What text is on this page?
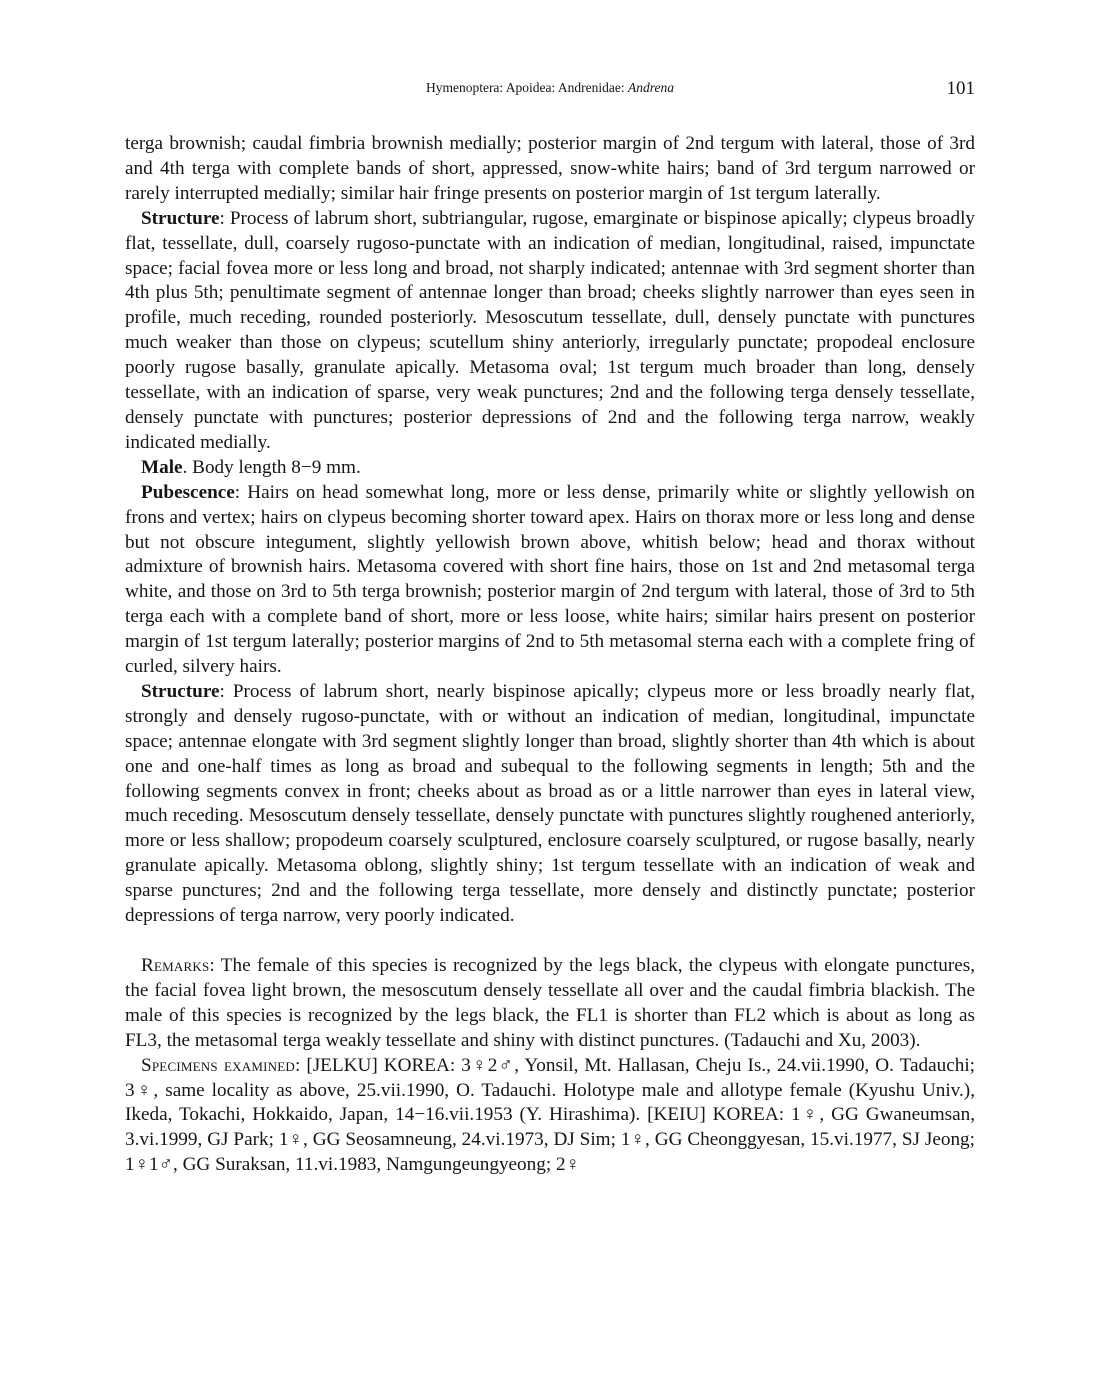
Hymenoptera: Apoidea: Andrenidae: Andrena	101

terga brownish; caudal fimbria brownish medially; posterior margin of 2nd tergum with lateral, those of 3rd and 4th terga with complete bands of short, appressed, snow-white hairs; band of 3rd tergum narrowed or rarely interrupted medially; similar hair fringe presents on posterior margin of 1st tergum laterally.

Structure: Process of labrum short, subtriangular, rugose, emarginate or bispinose apically; clypeus broadly flat, tessellate, dull, coarsely rugoso-punctate with an indication of median, longitudinal, raised, impunctate space; facial fovea more or less long and broad, not sharply indicated; antennae with 3rd segment shorter than 4th plus 5th; penultimate segment of antennae longer than broad; cheeks slightly narrower than eyes seen in profile, much receding, rounded posteriorly. Mesoscutum tessellate, dull, densely punctate with punctures much weaker than those on clypeus; scutellum shiny anteriorly, irregularly punctate; propodeal enclosure poorly rugose basally, granulate apically. Metasoma oval; 1st tergum much broader than long, densely tessellate, with an indication of sparse, very weak punctures; 2nd and the following terga densely tessellate, densely punctate with punctures; posterior depressions of 2nd and the following terga narrow, weakly indicated medially.

Male. Body length 8−9 mm.

Pubescence: Hairs on head somewhat long, more or less dense, primarily white or slightly yellowish on frons and vertex; hairs on clypeus becoming shorter toward apex. Hairs on thorax more or less long and dense but not obscure integument, slightly yellowish brown above, whitish below; head and thorax without admixture of brownish hairs. Metasoma covered with short fine hairs, those on 1st and 2nd metasomal terga white, and those on 3rd to 5th terga brownish; posterior margin of 2nd tergum with lateral, those of 3rd to 5th terga each with a complete band of short, more or less loose, white hairs; similar hairs present on posterior margin of 1st tergum laterally; posterior margins of 2nd to 5th metasomal sterna each with a complete fring of curled, silvery hairs.

Structure: Process of labrum short, nearly bispinose apically; clypeus more or less broadly nearly flat, strongly and densely rugoso-punctate, with or without an indication of median, longitudinal, impunctate space; antennae elongate with 3rd segment slightly longer than broad, slightly shorter than 4th which is about one and one-half times as long as broad and subequal to the following segments in length; 5th and the following segments convex in front; cheeks about as broad as or a little narrower than eyes in lateral view, much receding. Mesoscutum densely tessellate, densely punctate with punctures slightly roughened anteriorly, more or less shallow; propodeum coarsely sculptured, enclosure coarsely sculptured, or rugose basally, nearly granulate apically. Metasoma oblong, slightly shiny; 1st tergum tessellate with an indication of weak and sparse punctures; 2nd and the following terga tessellate, more densely and distinctly punctate; posterior depressions of terga narrow, very poorly indicated.

Remarks: The female of this species is recognized by the legs black, the clypeus with elongate punctures, the facial fovea light brown, the mesoscutum densely tessellate all over and the caudal fimbria blackish. The male of this species is recognized by the legs black, the FL1 is shorter than FL2 which is about as long as FL3, the metasomal terga weakly tessellate and shiny with distinct punctures. (Tadauchi and Xu, 2003).

Specimens examined: [JELKU] KOREA: 3♀2♂, Yonsil, Mt. Hallasan, Cheju Is., 24.vii.1990, O. Tadauchi; 3♀, same locality as above, 25.vii.1990, O. Tadauchi. Holotype male and allotype female (Kyushu Univ.), Ikeda, Tokachi, Hokkaido, Japan, 14−16.vii.1953 (Y. Hirashima). [KEIU] KOREA: 1♀, GG Gwaneumsan, 3.vi.1999, GJ Park; 1♀, GG Seosamneung, 24.vi.1973, DJ Sim; 1♀, GG Cheonggyesan, 15.vi.1977, SJ Jeong; 1♀1♂, GG Suraksan, 11.vi.1983, Namgungeungyeong; 2♀
